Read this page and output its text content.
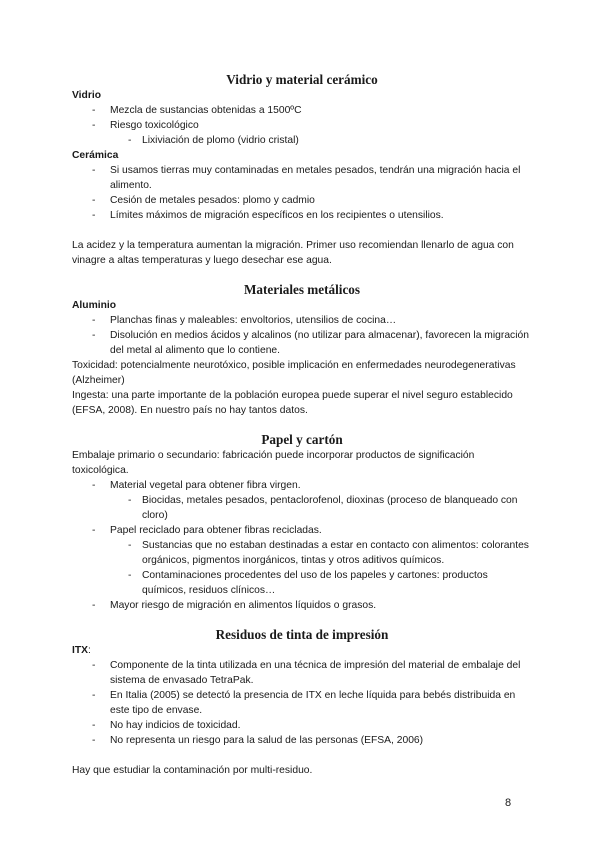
Vidrio y material cerámico

Vidrio

- Mezcla de sustancias obtenidas a 1500ºC
- Riesgo toxicológico
- Lixiviación de plomo (vidrio cristal)

Cerámica

- Si usamos tierras muy contaminadas en metales pesados, tendrán una migración hacia el alimento.
- Cesión de metales pesados: plomo y cadmio
- Límites máximos de migración específicos en los recipientes o utensilios.

La acidez y la temperatura aumentan la migración. Primer uso recomiendan llenarlo de agua con vinagre a altas temperaturas y luego desechar ese agua.

Materiales metálicos

Aluminio

- Planchas finas y maleables: envoltorios, utensilios de cocina…
- Disolución en medios ácidos y alcalinos (no utilizar para almacenar), favorecen la migración del metal al alimento que lo contiene.

Toxicidad: potencialmente neurotóxico, posible implicación en enfermedades neurodegenerativas (Alzheimer)

Ingesta: una parte importante de la población europea puede superar el nivel seguro establecido (EFSA, 2008). En nuestro país no hay tantos datos.

Papel y cartón

Embalaje primario o secundario: fabricación puede incorporar productos de significación toxicológica.

- Material vegetal para obtener fibra virgen.
- Biocidas, metales pesados, pentaclorofenol, dioxinas (proceso de blanqueado con cloro)
- Papel reciclado para obtener fibras recicladas.
- Sustancias que no estaban destinadas a estar en contacto con alimentos: colorantes orgánicos, pigmentos inorgánicos, tintas y otros aditivos químicos.
- Contaminaciones procedentes del uso de los papeles y cartones: productos químicos, residuos clínicos…
- Mayor riesgo de migración en alimentos líquidos o grasos.
Residuos de tinta de impresión

ITX:

- Componente de la tinta utilizada en una técnica de impresión del material de embalaje del sistema de envasado TetraPak.
- En Italia (2005) se detectó la presencia de ITX en leche líquida para bebés distribuida en este tipo de envase.
- No hay indicios de toxicidad.
- No representa un riesgo para la salud de las personas (EFSA, 2006)

Hay que estudiar la contaminación por multi-residuo.

8
